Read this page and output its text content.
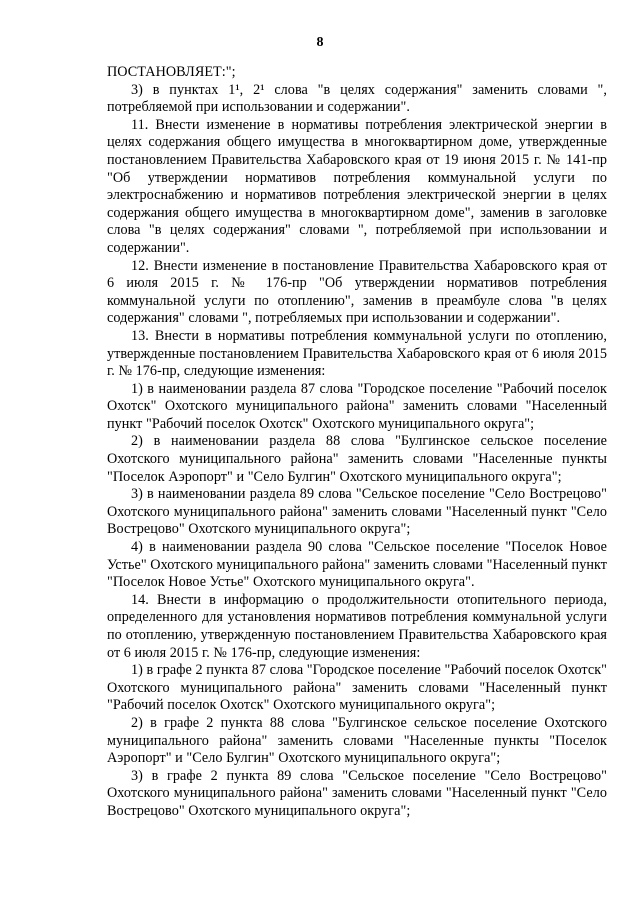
8

ПОСТАНОВЛЯЕТ:";

3) в пунктах 1¹, 2¹ слова "в целях содержания" заменить словами ", потребляемой при использовании и содержании".

11. Внести изменение в нормативы потребления электрической энергии в целях содержания общего имущества в многоквартирном доме, утвержденные постановлением Правительства Хабаровского края от 19 июня 2015 г. № 141-пр "Об утверждении нормативов потребления коммунальной услуги по электроснабжению и нормативов потребления электрической энергии в целях содержания общего имущества в многоквартирном доме", заменив в заголовке слова "в целях содержания" словами ", потребляемой при использовании и содержании".

12. Внести изменение в постановление Правительства Хабаровского края от 6 июля 2015 г. № 176-пр "Об утверждении нормативов потребления коммунальной услуги по отоплению", заменив в преамбуле слова "в целях содержания" словами ", потребляемых при использовании и содержании".

13. Внести в нормативы потребления коммунальной услуги по отоплению, утвержденные постановлением Правительства Хабаровского края от 6 июля 2015 г. № 176-пр, следующие изменения:

1) в наименовании раздела 87 слова "Городское поселение "Рабочий поселок Охотск" Охотского муниципального района" заменить словами "Населенный пункт "Рабочий поселок Охотск" Охотского муниципального округа";

2) в наименовании раздела 88 слова "Булгинское сельское поселение Охотского муниципального района" заменить словами "Населенные пункты "Поселок Аэропорт" и "Село Булгин" Охотского муниципального округа";

3) в наименовании раздела 89 слова "Сельское поселение "Село Вострецово" Охотского муниципального района" заменить словами "Населенный пункт "Село Вострецово" Охотского муниципального округа";

4) в наименовании раздела 90 слова "Сельское поселение "Поселок Новое Устье" Охотского муниципального района" заменить словами "Населенный пункт "Поселок Новое Устье" Охотского муниципального округа".

14. Внести в информацию о продолжительности отопительного периода, определенного для установления нормативов потребления коммунальной услуги по отоплению, утвержденную постановлением Правительства Хабаровского края от 6 июля 2015 г. № 176-пр, следующие изменения:

1) в графе 2 пункта 87 слова "Городское поселение "Рабочий поселок Охотск" Охотского муниципального района" заменить словами "Населенный пункт "Рабочий поселок Охотск" Охотского муниципального округа";

2) в графе 2 пункта 88 слова "Булгинское сельское поселение Охотского муниципального района" заменить словами "Населенные пункты "Поселок Аэропорт" и "Село Булгин" Охотского муниципального округа";

3) в графе 2 пункта 89 слова "Сельское поселение "Село Вострецово" Охотского муниципального района" заменить словами "Населенный пункт "Село Вострецово" Охотского муниципального округа";
